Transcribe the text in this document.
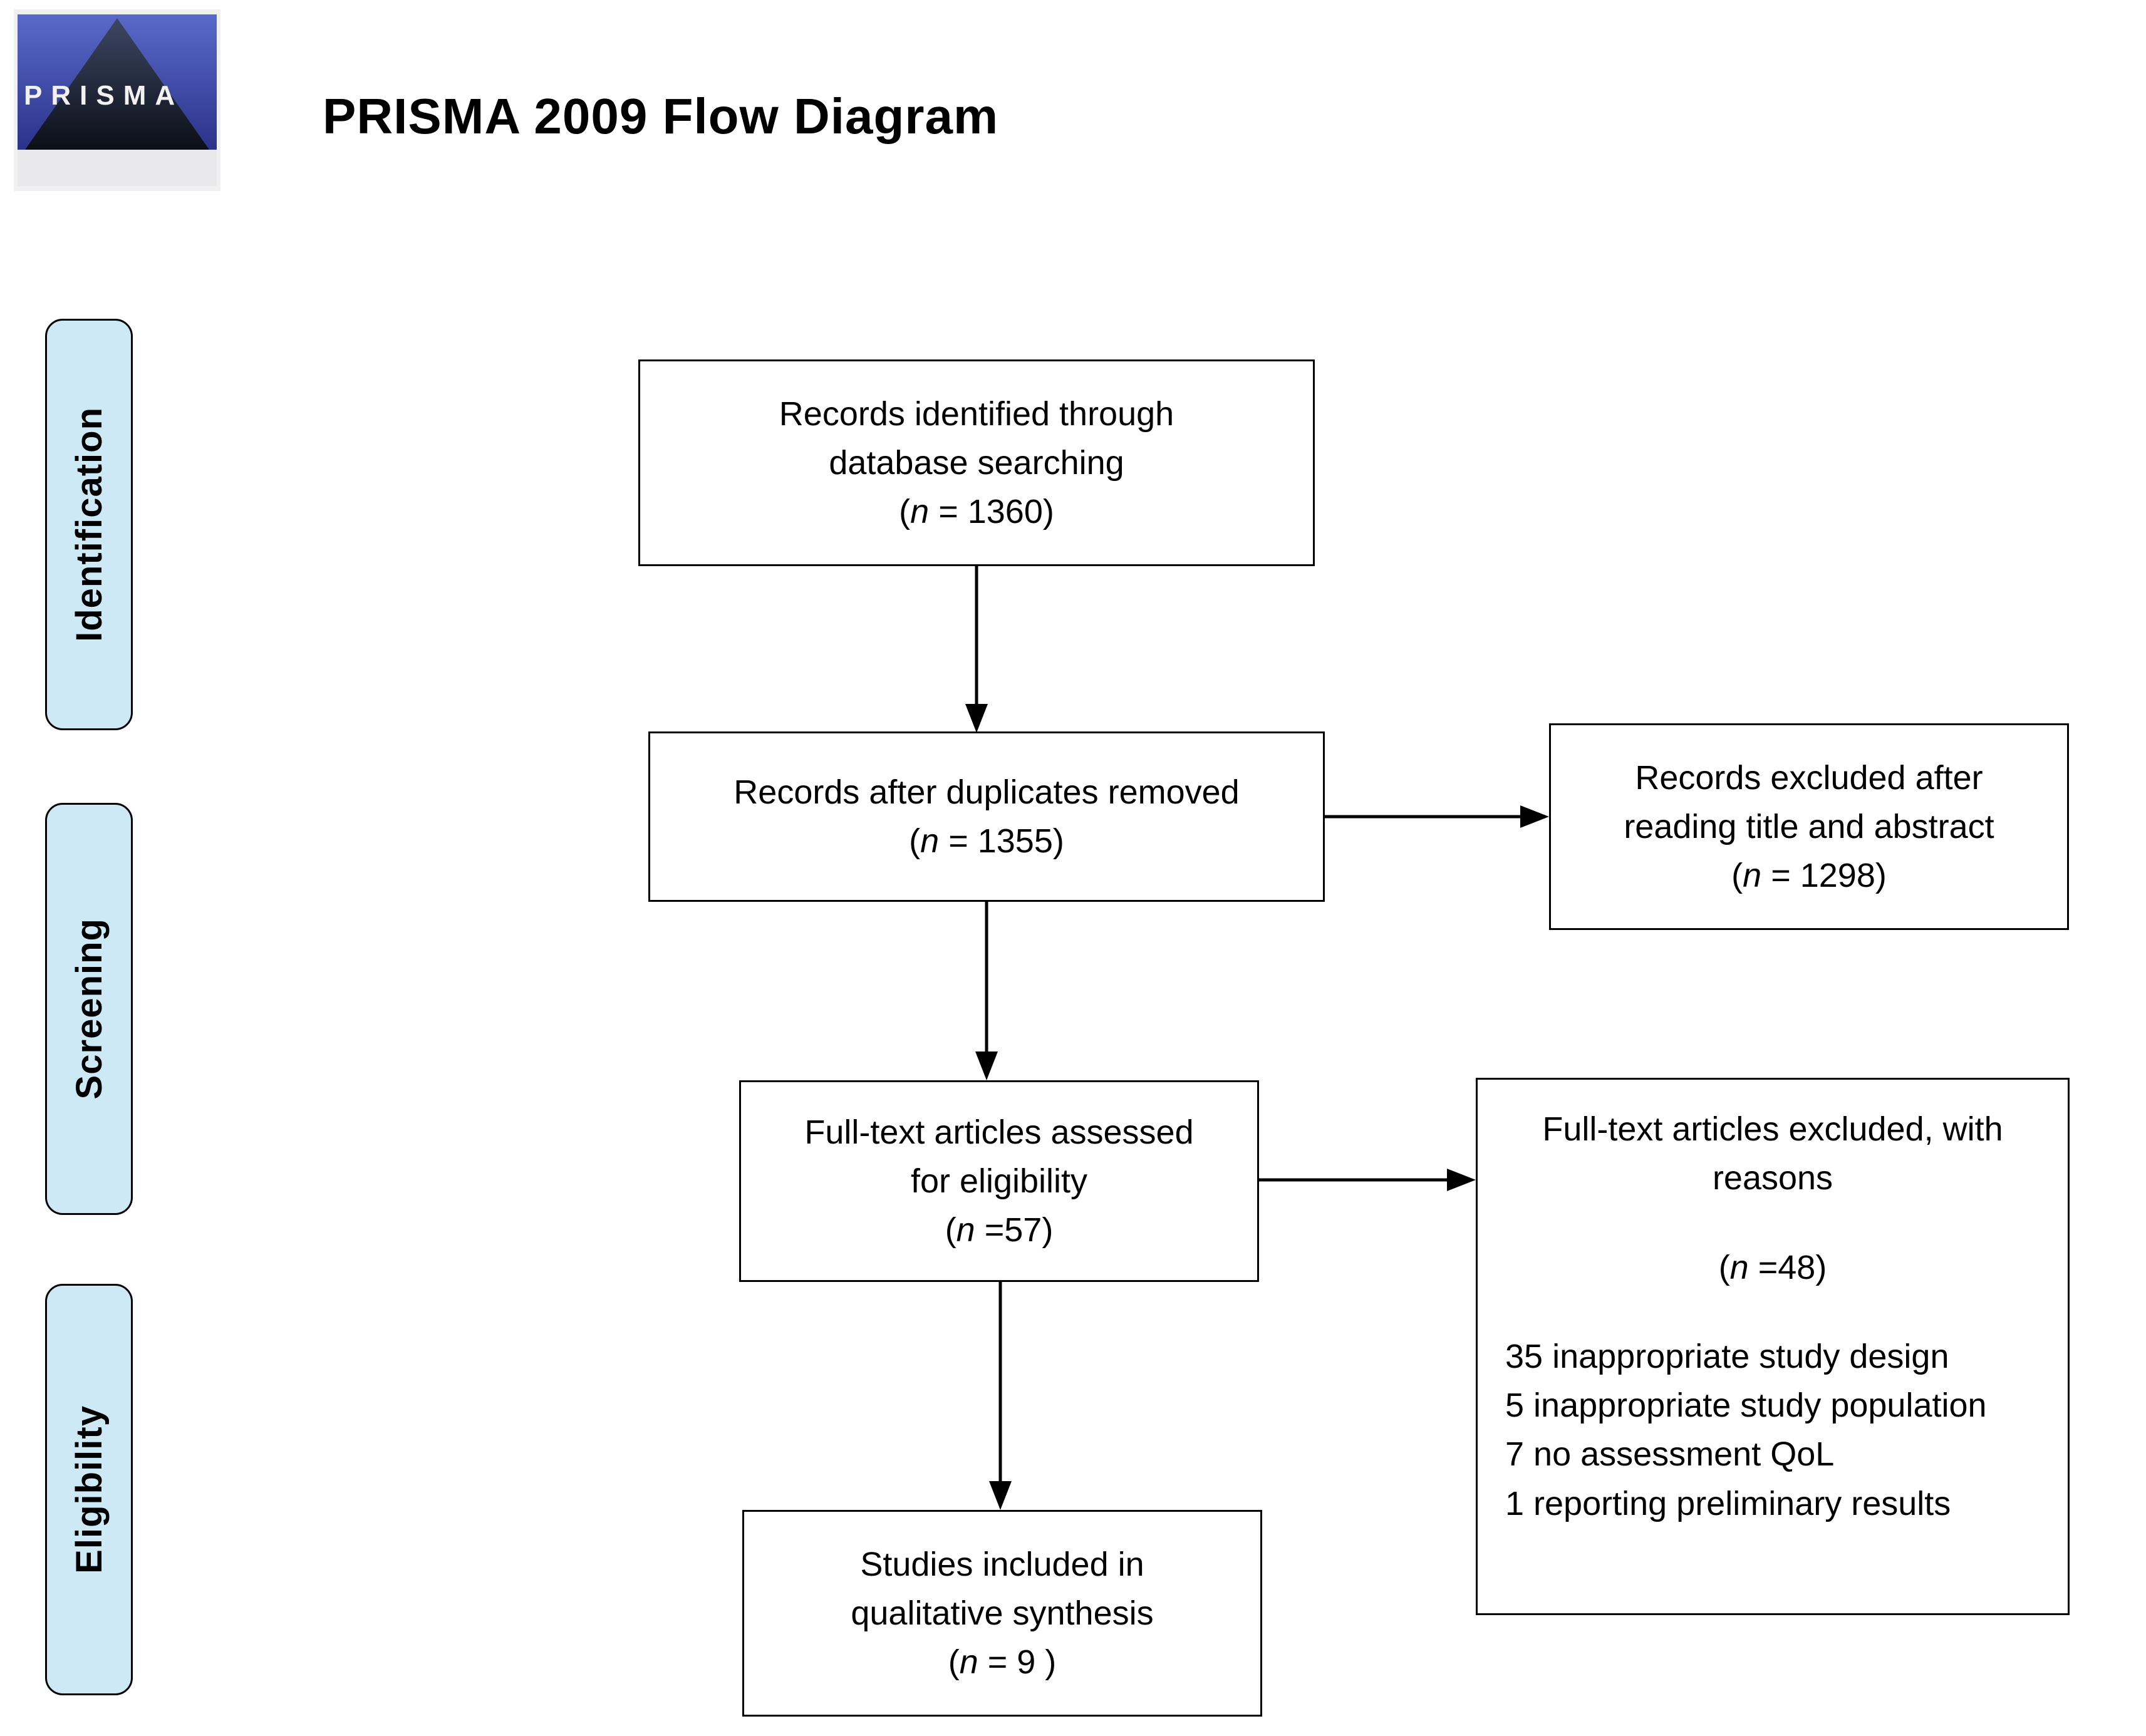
PRISMA	PRISMA 2009 Flow Diagram
Identification
Screening
Eligibility
Records identified through
database searching
(n = 1360)
Records after duplicates removed
(n = 1355)
Records excluded after
reading title and abstract
(n = 1298)
Full-text articles assessed
for eligibility
(n =57)
Full-text articles excluded, with
reasons
(n =48)
35 inappropriate study design
5 inappropriate study population
7 no assessment QoL
1 reporting preliminary results
Studies included in
qualitative synthesis
(n = 9 )
